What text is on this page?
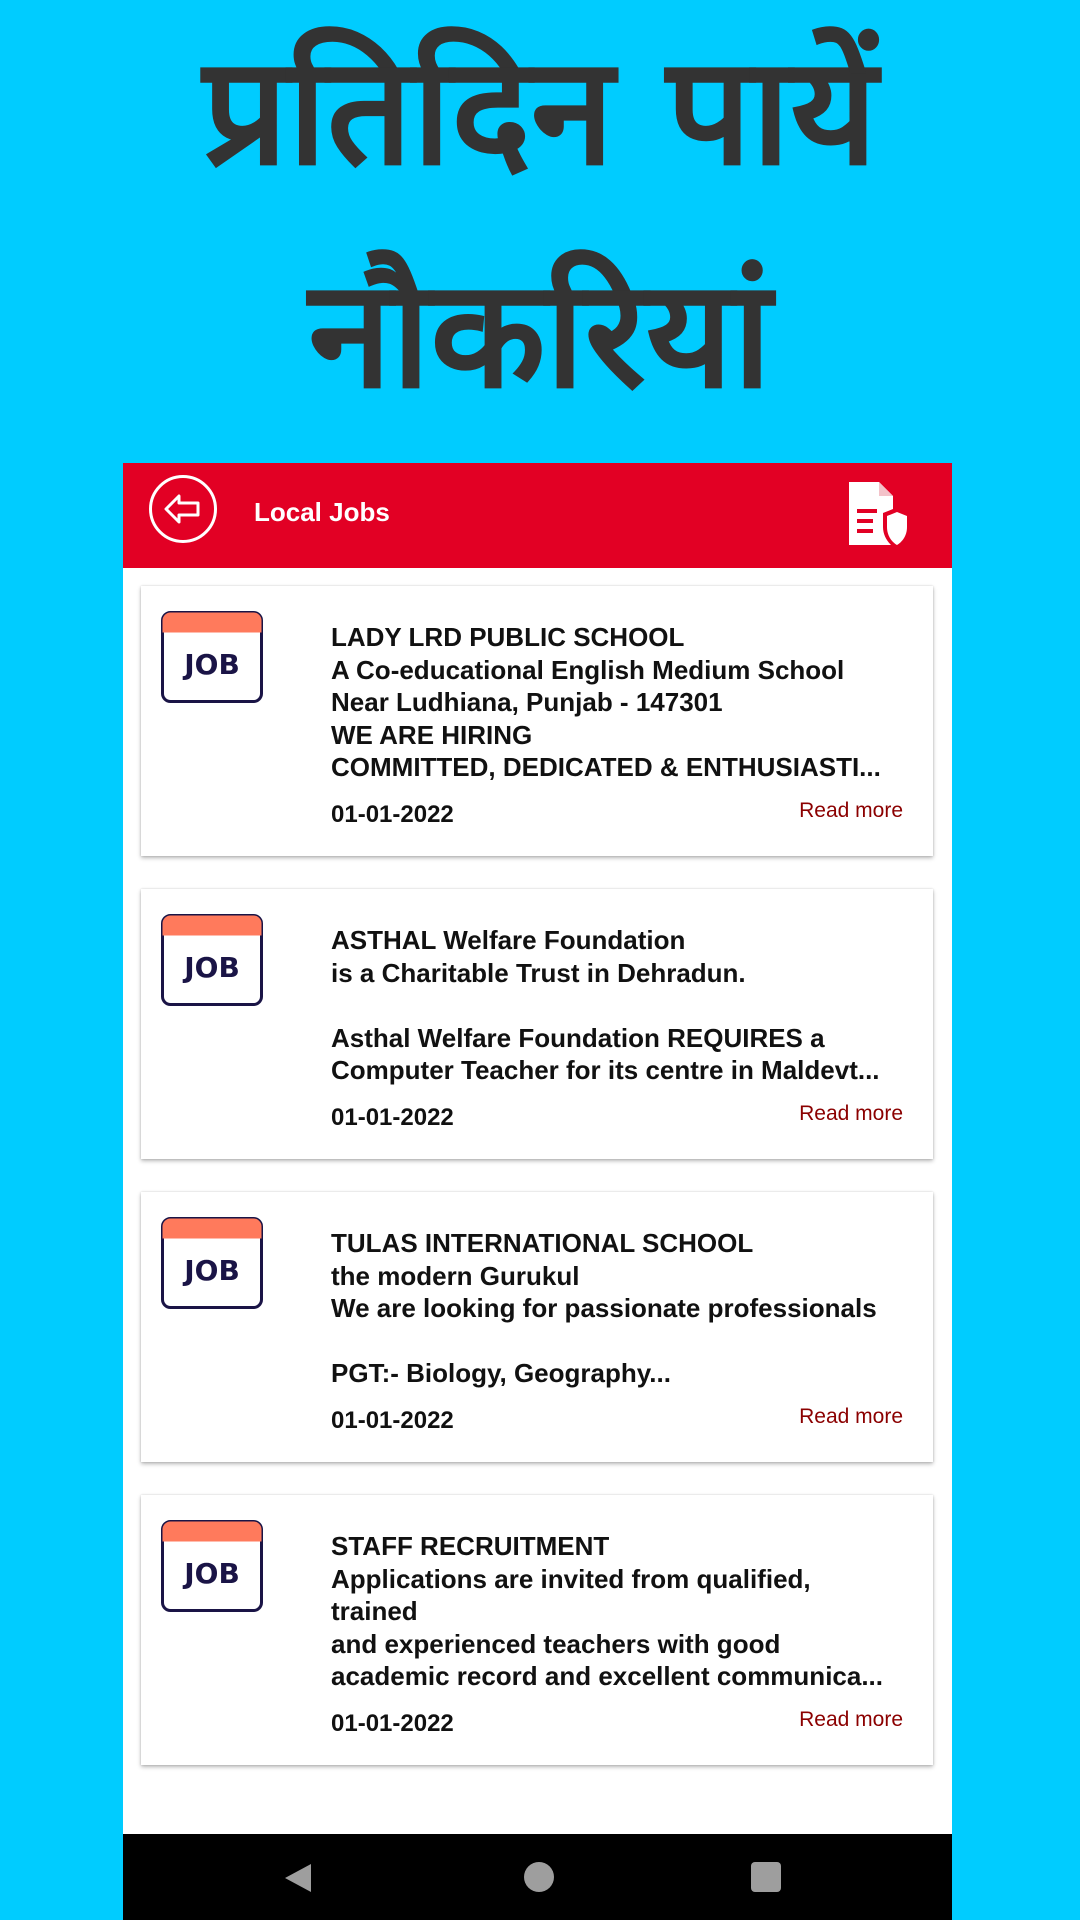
प्रतिदिन पायें
नौकरियां
Local Jobs
JOB
LADY LRD PUBLIC SCHOOL
A Co-educational English Medium School
Near Ludhiana, Punjab - 147301
WE ARE HIRING
COMMITTED, DEDICATED & ENTHUSIASTI...
01-01-2022	Read more
JOB
ASTHAL Welfare Foundation
is a Charitable Trust in Dehradun.
Asthal Welfare Foundation REQUIRES a
Computer Teacher for its centre in Maldevt...
01-01-2022	Read more
JOB
TULAS INTERNATIONAL SCHOOL
the modern Gurukul
We are looking for passionate professionals
PGT:- Biology, Geography...
01-01-2022	Read more
JOB
STAFF RECRUITMENT
Applications are invited from qualified,
trained
and experienced teachers with good
academic record and excellent communica...
01-01-2022	Read more
